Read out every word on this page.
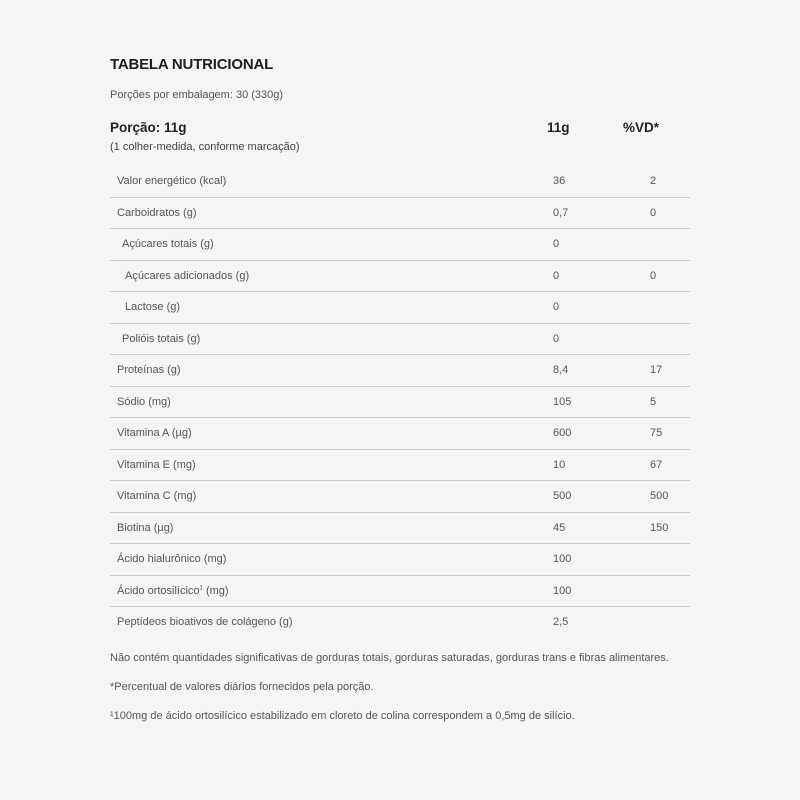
TABELA NUTRICIONAL
Porções por embalagem: 30 (330g)
Porção: 11g
(1 colher-medida, conforme marcação)
11g	%VD*
Valor energético (kcal)	36	2
Carboidratos (g)	0,7	0
Açúcares totais (g)	0
Açúcares adicionados (g)	0	0
Lactose (g)	0
Polióis totais (g)	0
Proteínas (g)	8,4	17
Sódio (mg)	105	5
Vitamina A (µg)	600	75
Vitamina E (mg)	10	67
Vitamina C (mg)	500	500
Biotina (µg)	45	150
Ácido hialurônico (mg)	100
Ácido ortosilícico$^1$ (mg)	100
Peptídeos bioativos de colágeno (g)	2,5

Não contém quantidades significativas de gorduras totais, gorduras saturadas, gorduras trans e fibras alimentares.

*Percentual de valores diários fornecidos pela porção.

¹100mg de ácido ortosilícico estabilizado em cloreto de colina correspondem a 0,5mg de silício.
